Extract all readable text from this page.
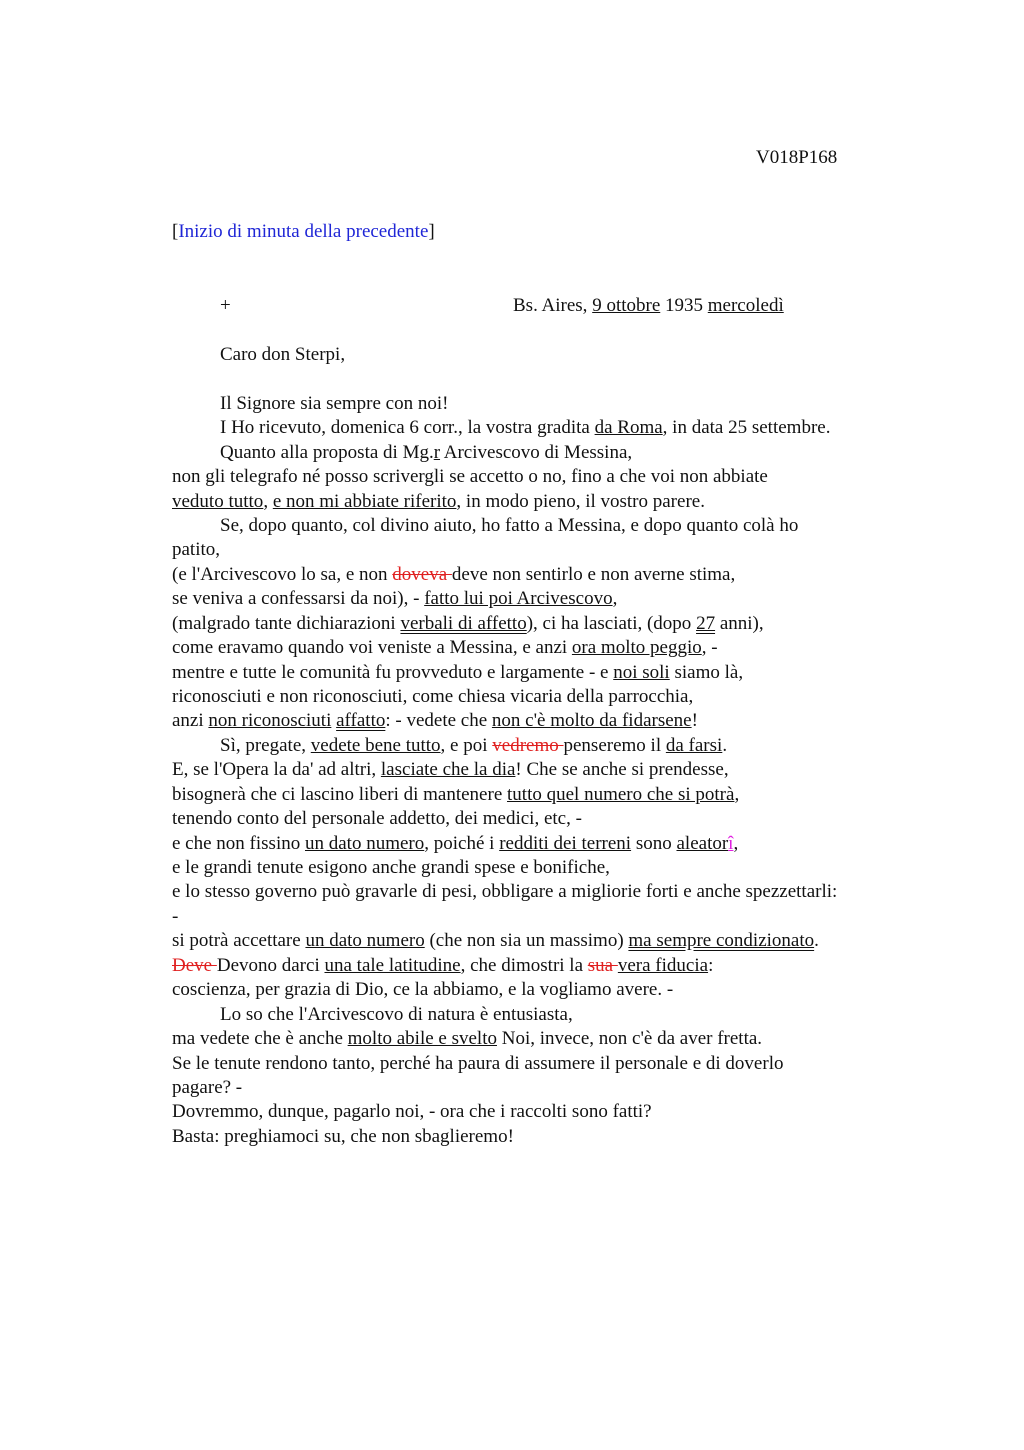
V018P168
[Inizio di minuta della precedente]
+	Bs. Aires, 9 ottobre 1935 mercoledì
Caro don Sterpi,
Il Signore sia sempre con noi!
I Ho ricevuto, domenica 6 corr., la vostra gradita da Roma, in data 25 settembre.
Quanto alla proposta di Mg.r Arcivescovo di Messina,
non gli telegrafo né posso scrivergli se accetto o no, fino a che voi non abbiate
veduto tutto, e non mi abbiate riferito, in modo pieno, il vostro parere.
Se, dopo quanto, col divino aiuto, ho fatto a Messina, e dopo quanto colà ho
patito,
(e l'Arcivescovo lo sa, e non doveva deve non sentirlo e non averne stima,
se veniva a confessarsi da noi), - fatto lui poi Arcivescovo,
(malgrado tante dichiarazioni verbali di affetto), ci ha lasciati, (dopo 27 anni),
come eravamo quando voi veniste a Messina, e anzi ora molto peggio, -
mentre e tutte le comunità fu provveduto e largamente - e noi soli siamo là,
riconosciuti e non riconosciuti, come chiesa vicaria della parrocchia,
anzi non riconosciuti affatto: - vedete che non c'è molto da fidarsene!
Sì, pregate, vedete bene tutto, e poi vedremo penseremo il da farsi.
E, se l'Opera la da' ad altri, lasciate che la dia! Che se anche si prendesse,
bisognerà che ci lascino liberi di mantenere tutto quel numero che si potrà,
tenendo conto del personale addetto, dei medici, etc, -
e che non fissino un dato numero, poiché i redditi dei terreni sono aleatorî,
e le grandi tenute esigono anche grandi spese e bonifiche,
e lo stesso governo può gravarle di pesi, obbligare a migliorie forti e anche spezzettarli:
-
si potrà accettare un dato numero (che non sia un massimo) ma sempre condizionato.
Deve Devono darci una tale latitudine, che dimostri la sua vera fiducia:
coscienza, per grazia di Dio, ce la abbiamo, e la vogliamo avere. -
Lo so che l'Arcivescovo di natura è entusiasta,
ma vedete che è anche molto abile e svelto Noi, invece, non c'è da aver fretta.
Se le tenute rendono tanto, perché ha paura di assumere il personale e di doverlo
pagare? -
Dovremmo, dunque, pagarlo noi, - ora che i raccolti sono fatti?
Basta: preghiamoci su, che non sbaglieremo!
